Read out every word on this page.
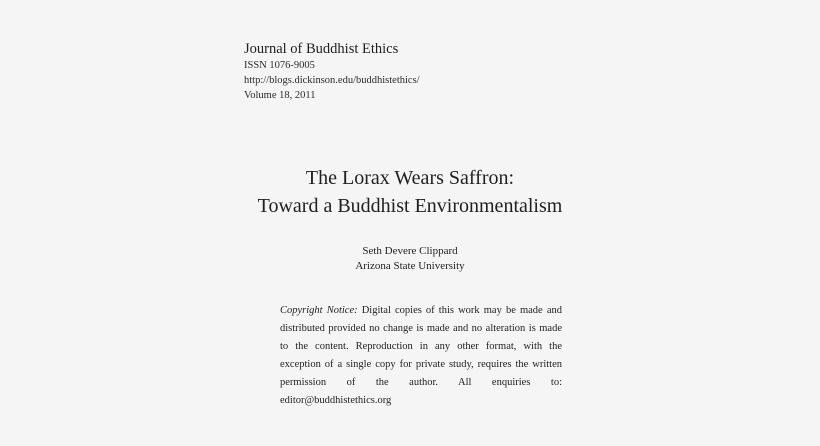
Journal of Buddhist Ethics
ISSN 1076-9005
http://blogs.dickinson.edu/buddhistethics/
Volume 18, 2011
The Lorax Wears Saffron:
Toward a Buddhist Environmentalism
Seth Devere Clippard
Arizona State University
Copyright Notice: Digital copies of this work may be made and distributed provided no change is made and no alteration is made to the content. Reproduction in any other format, with the exception of a single copy for private study, requires the written permission of the author. All enquiries to: editor@buddhistethics.org
